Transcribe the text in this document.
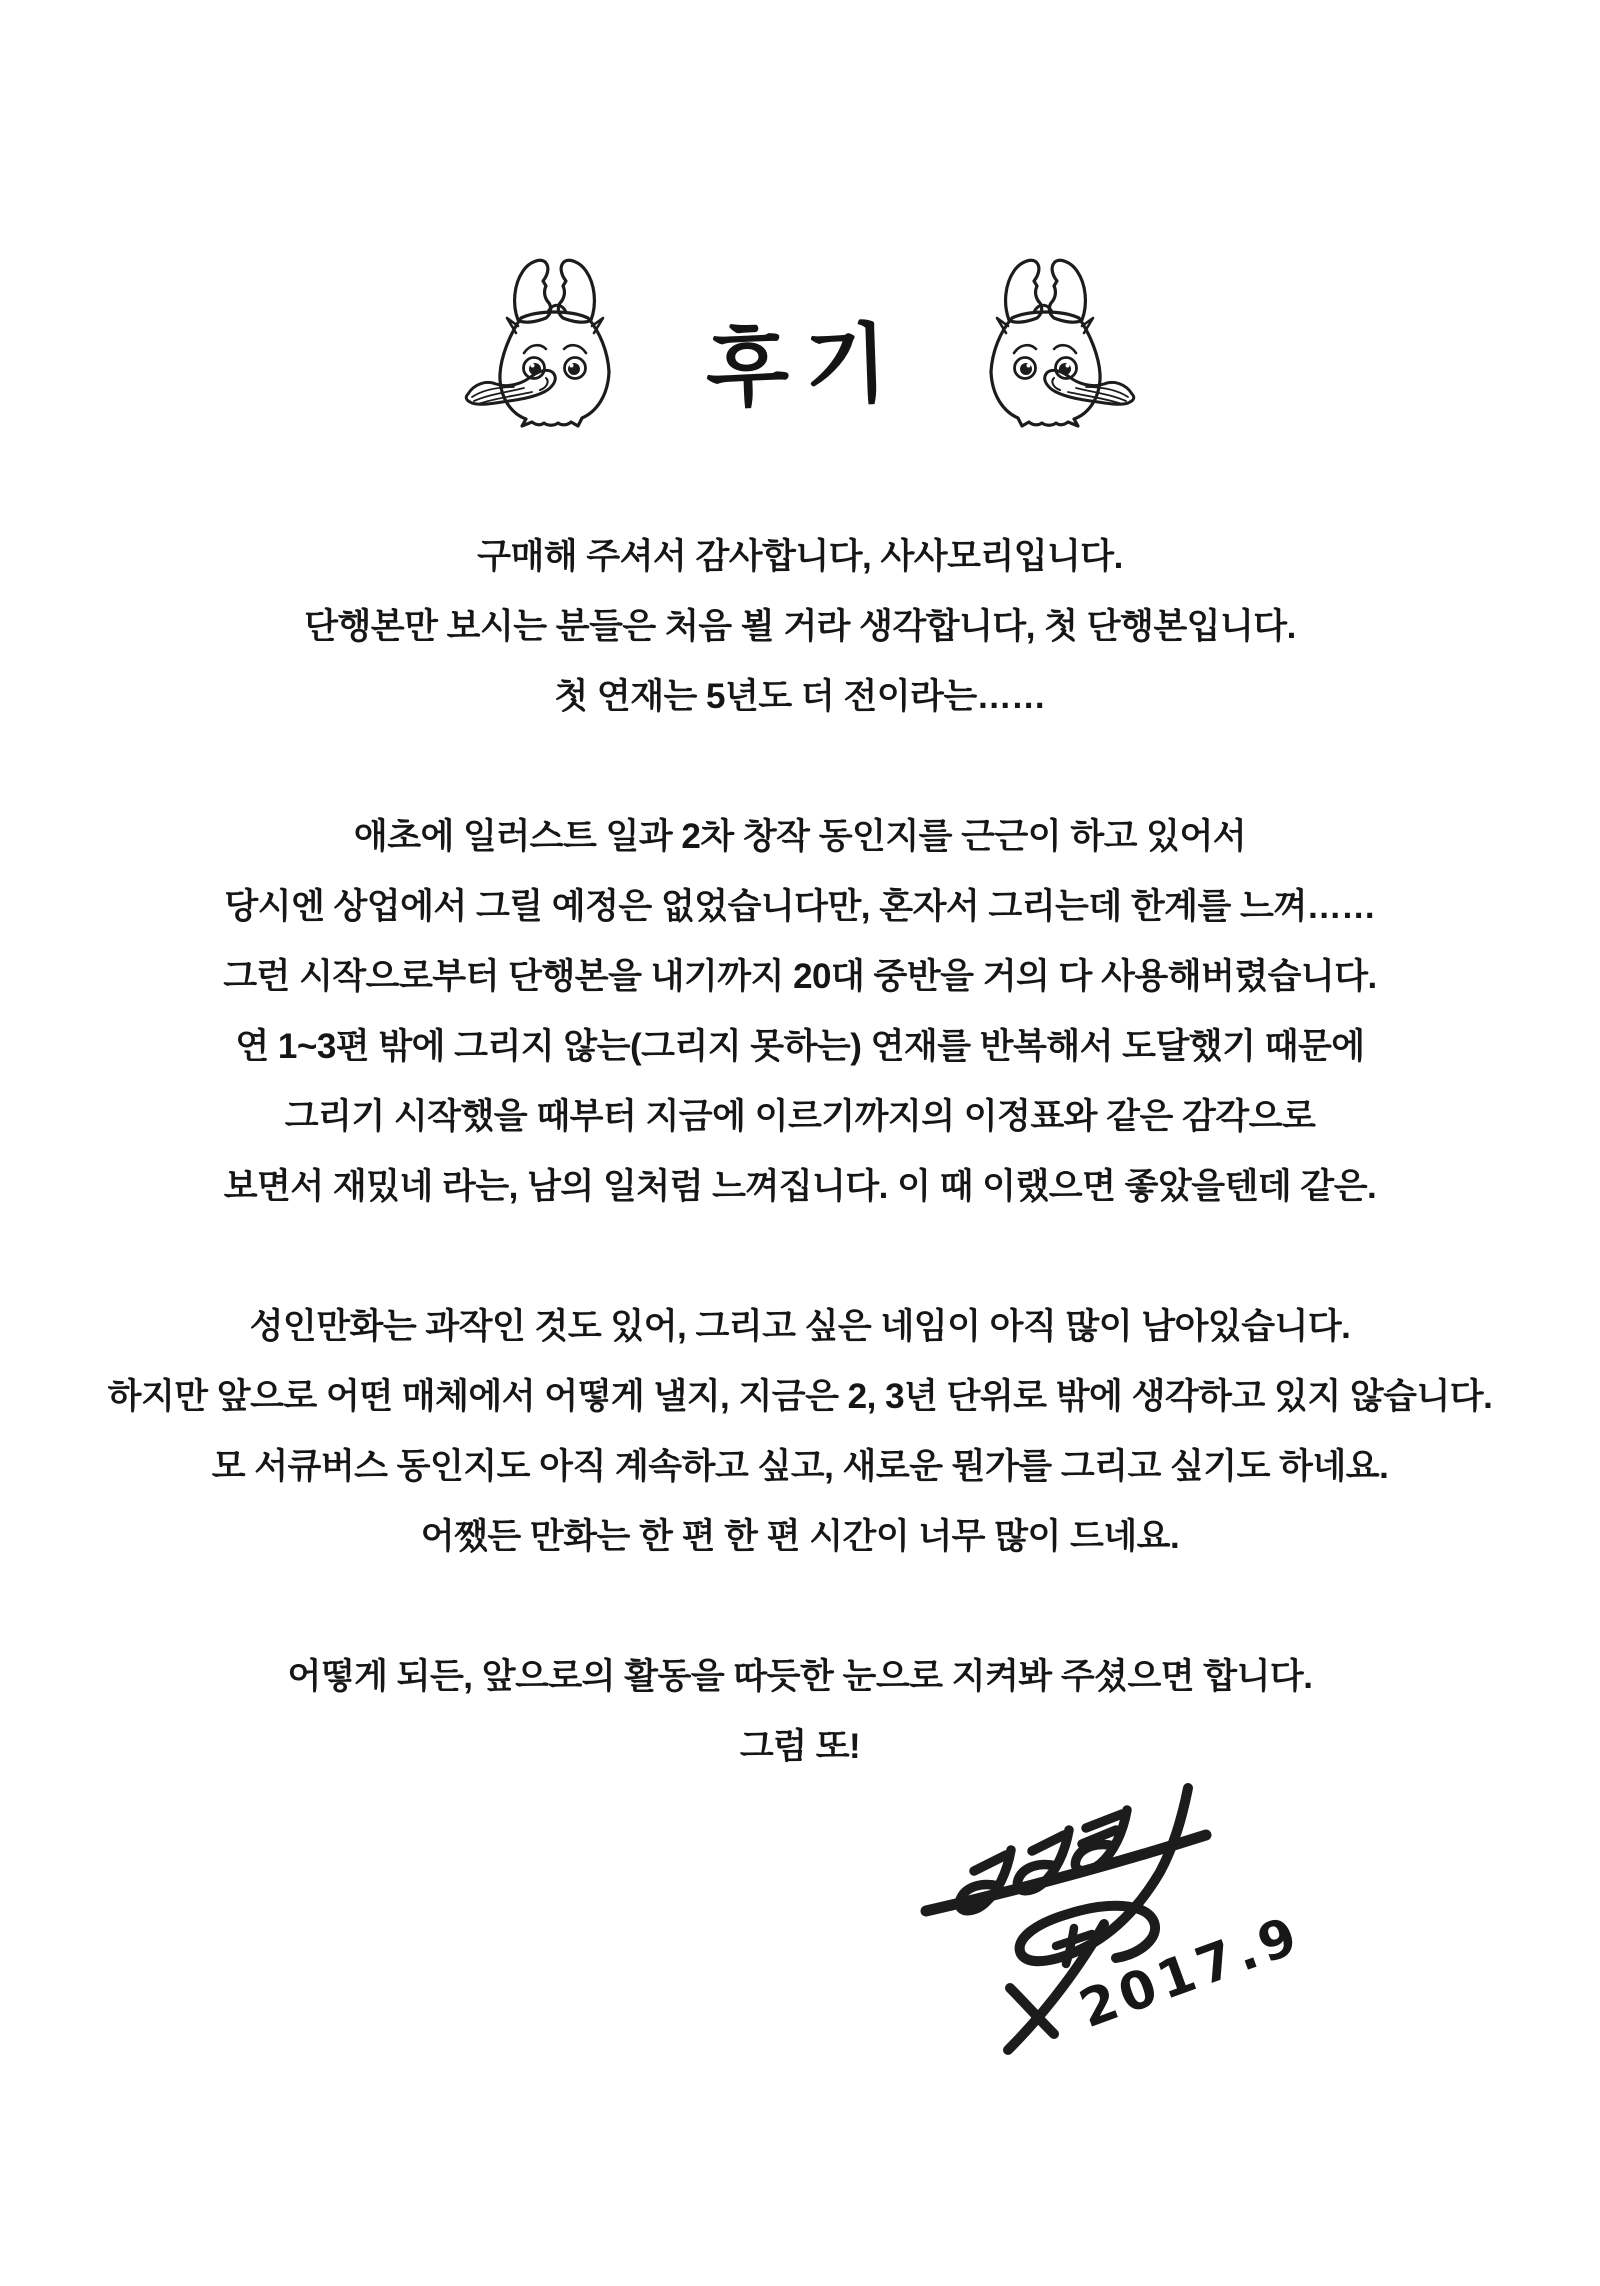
후기

구매해 주셔서 감사합니다, 사사모리입니다.
단행본만 보시는 분들은 처음 뵐 거라 생각합니다, 첫 단행본입니다.
첫 연재는 5년도 더 전이라는……

애초에 일러스트 일과 2차 창작 동인지를 근근이 하고 있어서
당시엔 상업에서 그릴 예정은 없었습니다만, 혼자서 그리는데 한계를 느껴……
그런 시작으로부터 단행본을 내기까지 20대 중반을 거의 다 사용해버렸습니다.
연 1~3편 밖에 그리지 않는(그리지 못하는) 연재를 반복해서 도달했기 때문에
그리기 시작했을 때부터 지금에 이르기까지의 이정표와 같은 감각으로
보면서 재밌네 라는, 남의 일처럼 느껴집니다. 이 때 이랬으면 좋았을텐데 같은.

성인만화는 과작인 것도 있어, 그리고 싶은 네임이 아직 많이 남아있습니다.
하지만 앞으로 어떤 매체에서 어떻게 낼지, 지금은 2, 3년 단위로 밖에 생각하고 있지 않습니다.
모 서큐버스 동인지도 아직 계속하고 싶고, 새로운 뭔가를 그리고 싶기도 하네요.
어쨌든 만화는 한 편 한 편 시간이 너무 많이 드네요.

어떻게 되든, 앞으로의 활동을 따듯한 눈으로 지켜봐 주셨으면 합니다.
그럼 또!

2017.9
